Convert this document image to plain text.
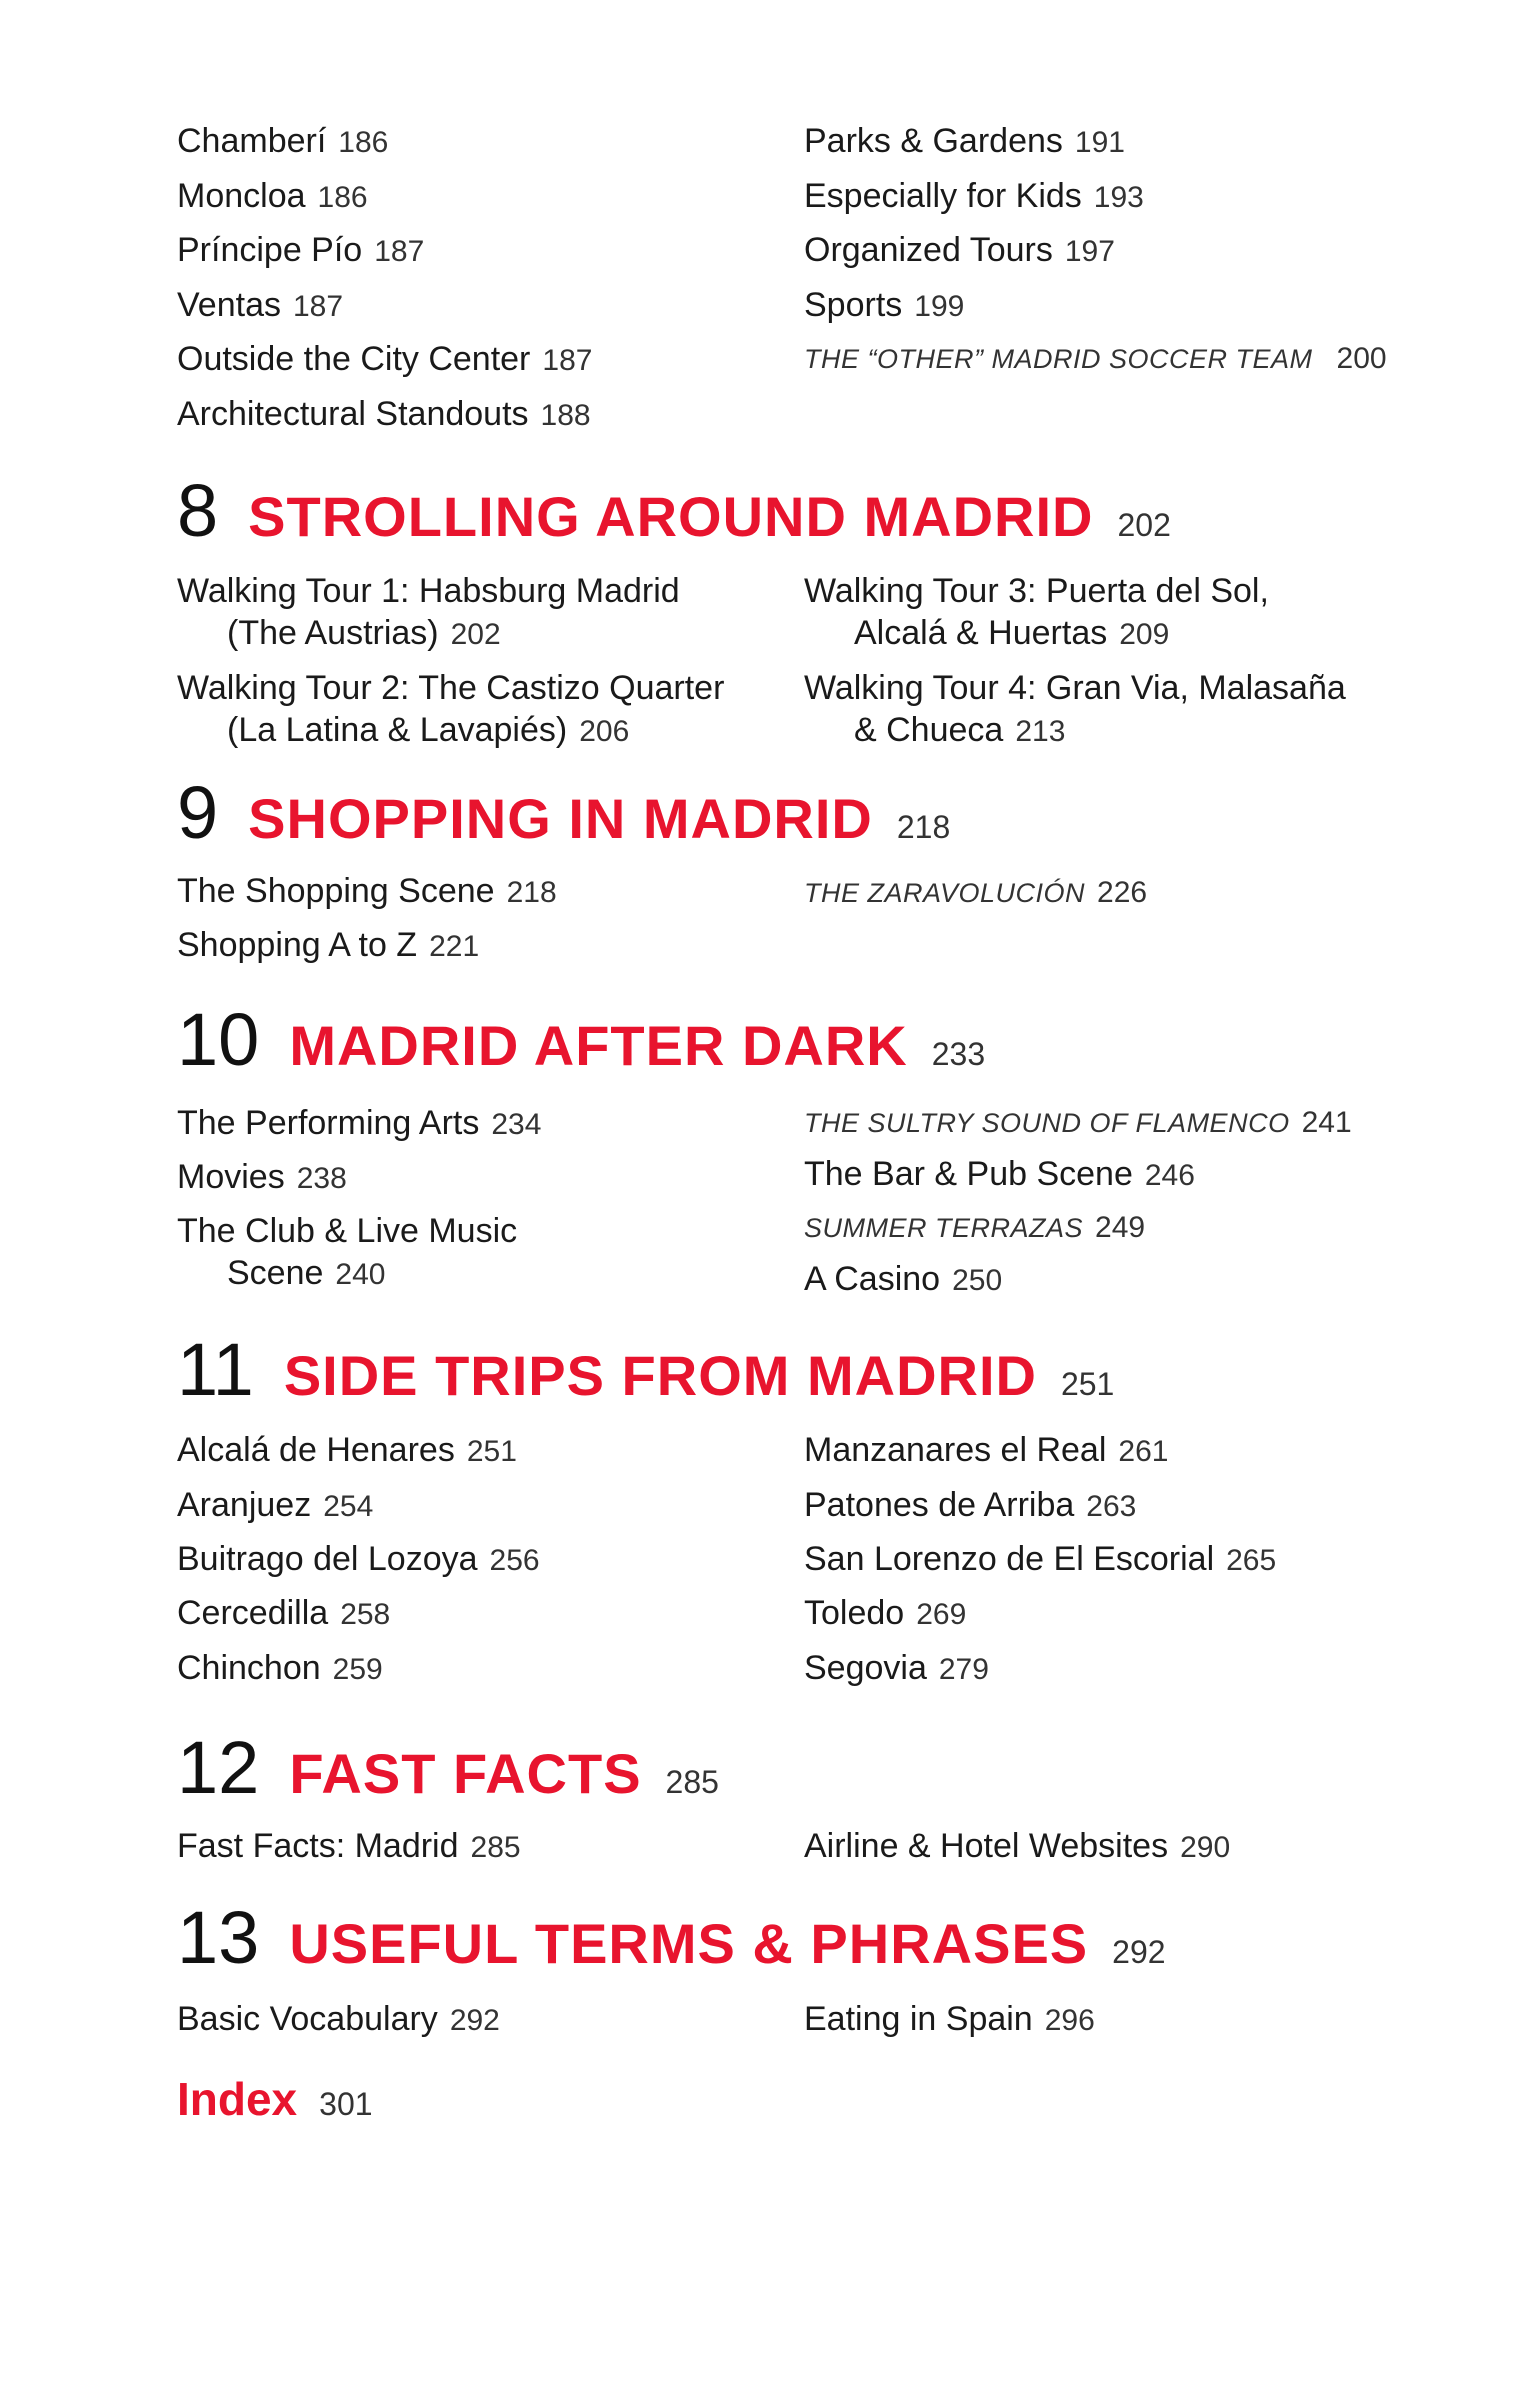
Chamberí 186
Moncloa 186
Príncipe Pío 187
Ventas 187
Outside the City Center 187
Architectural Standouts 188
Parks & Gardens 191
Especially for Kids 193
Organized Tours 197
Sports 199
THE “OTHER” MADRID SOCCER TEAM 200
8 STROLLING AROUND MADRID 202
Walking Tour 1: Habsburg Madrid
(The Austrias) 202
Walking Tour 2: The Castizo Quarter
(La Latina & Lavapiés) 206
Walking Tour 3: Puerta del Sol,
Alcalá & Huertas 209
Walking Tour 4: Gran Via, Malasaña
& Chueca 213
9 SHOPPING IN MADRID 218
The Shopping Scene 218
Shopping A to Z 221
THE ZARAVOLUCIÓN 226
10 MADRID AFTER DARK 233
The Performing Arts 234
Movies 238
The Club & Live Music
Scene 240
THE SULTRY SOUND OF FLAMENCO 241
The Bar & Pub Scene 246
SUMMER TERRAZAS 249
A Casino 250
11 SIDE TRIPS FROM MADRID 251
Alcalá de Henares 251
Aranjuez 254
Buitrago del Lozoya 256
Cercedilla 258
Chinchon 259
Manzanares el Real 261
Patones de Arriba 263
San Lorenzo de El Escorial 265
Toledo 269
Segovia 279
12 FAST FACTS 285
Fast Facts: Madrid 285	Airline & Hotel Websites 290
13 USEFUL TERMS & PHRASES 292
Basic Vocabulary 292	Eating in Spain 296
Index 301
